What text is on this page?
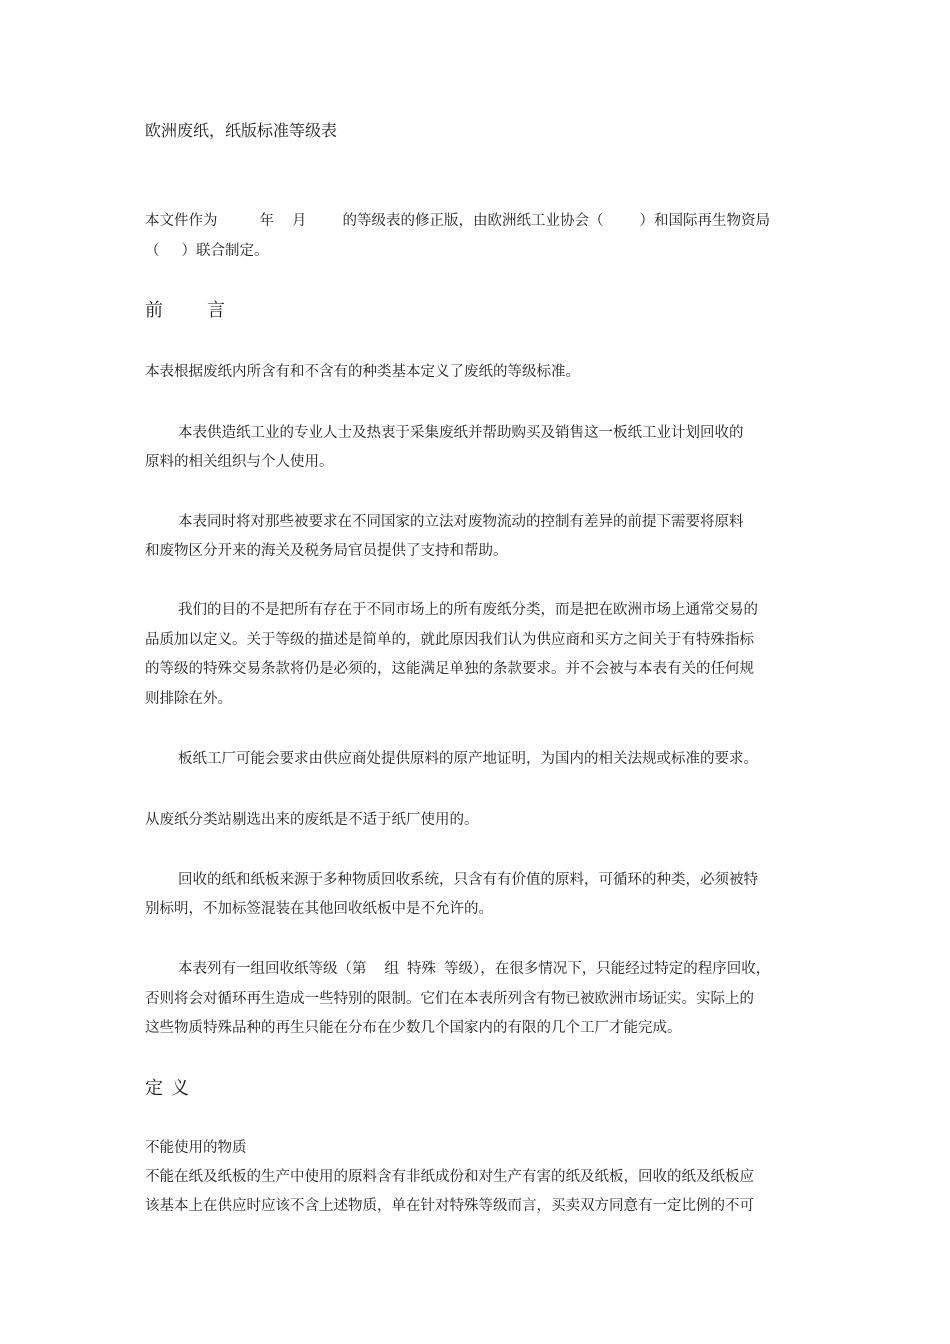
欧洲废纸，纸版标准等级表
本文件作为	年 月 的等级表的修正版，由欧洲纸工业协会（ ）和国际再生物资局
（ ）联合制定。
前 言
本表根据废纸内所含有和不含有的种类基本定义了废纸的等级标准。
本表供造纸工业的专业人士及热衷于采集废纸并帮助购买及销售这一板纸工业计划回收的
原料的相关组织与个人使用。
本表同时将对那些被要求在不同国家的立法对废物流动的控制有差异的前提下需要将原料
和废物区分开来的海关及税务局官员提供了支持和帮助。
我们的目的不是把所有存在于不同市场上的所有废纸分类，而是把在欧洲市场上通常交易的
品质加以定义。关于等级的描述是简单的，就此原因我们认为供应商和买方之间关于有特殊指标
的等级的特殊交易条款将仍是必须的，这能满足单独的条款要求。并不会被与本表有关的任何规
则排除在外。
板纸工厂可能会要求由供应商处提供原料的原产地证明，为国内的相关法规或标准的要求。
从废纸分类站剔选出来的废纸是不适于纸厂使用的。
回收的纸和纸板来源于多种物质回收系统，只含有有价值的原料，可循环的种类，必须被特
别标明，不加标签混装在其他回收纸板中是不允许的。
本表列有一组回收纸等级（第 组 特殊 等级），在很多情况下，只能经过特定的程序回收，
否则将会对循环再生造成一些特别的限制。它们在本表所列含有物已被欧洲市场证实。实际上的
这些物质特殊品种的再生只能在分布在少数几个国家内的有限的几个工厂才能完成。
定 义
不能使用的物质
不能在纸及纸板的生产中使用的原料含有非纸成份和对生产有害的纸及纸板，回收的纸及纸板应
该基本上在供应时应该不含上述物质，单在针对特殊等级而言，买卖双方同意有一定比例的不可
